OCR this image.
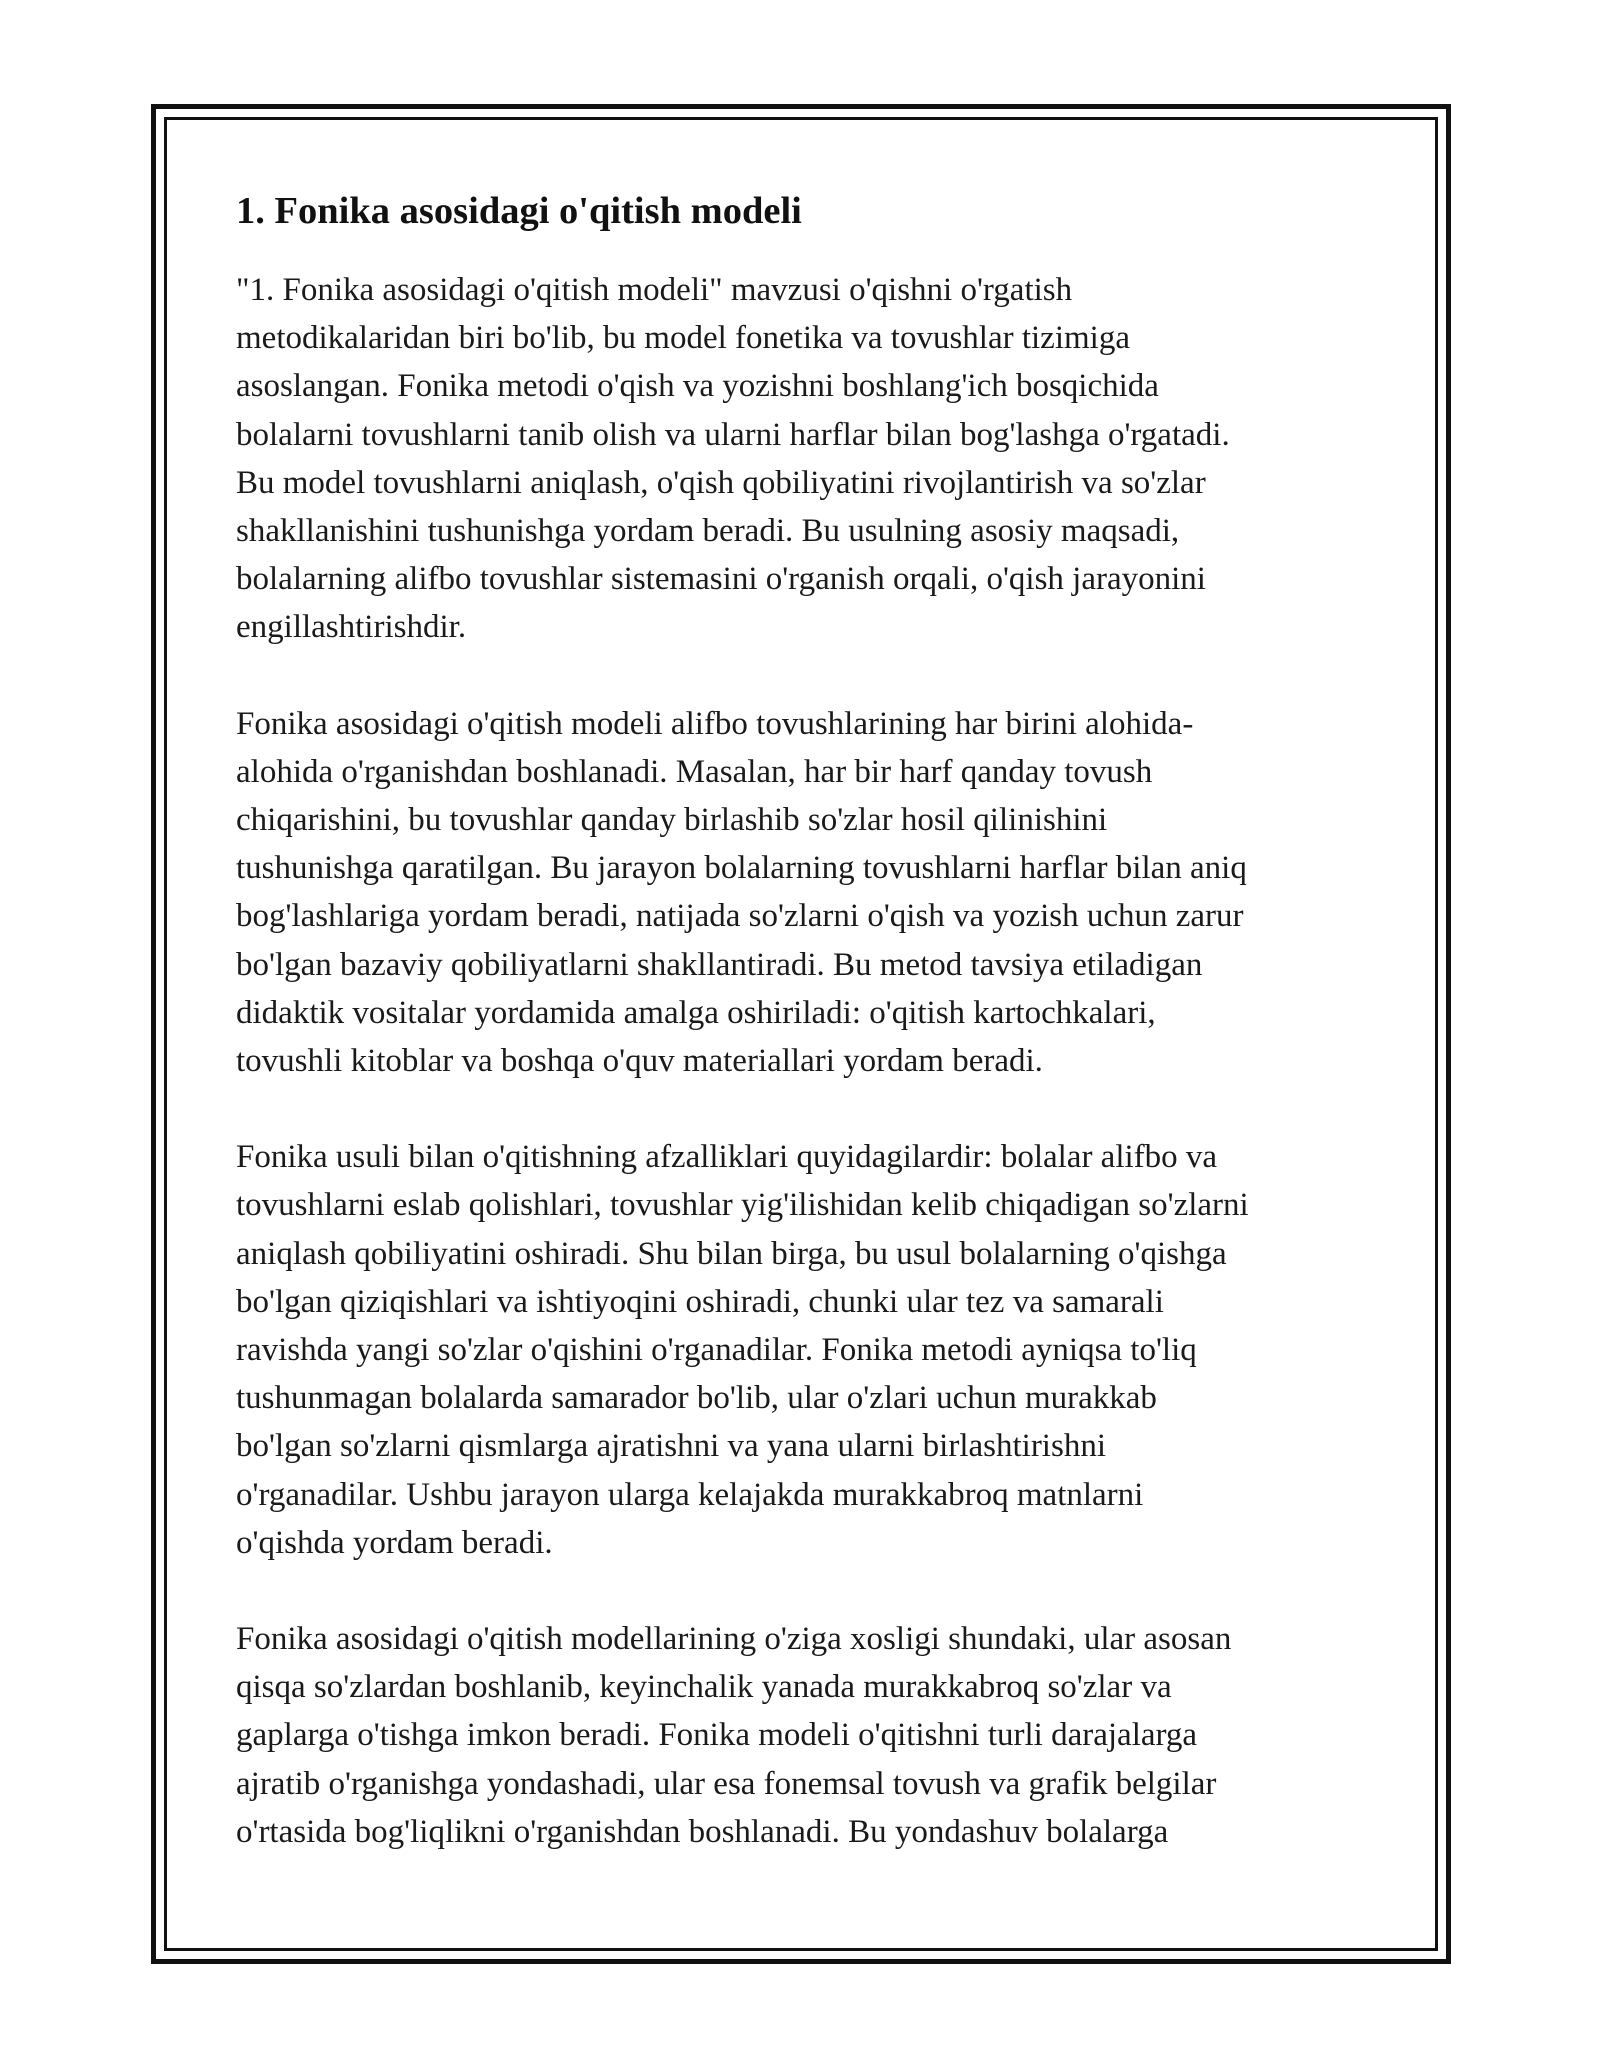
1. Fonika asosidagi o'qitish modeli

"1. Fonika asosidagi o'qitish modeli" mavzusi o'qishni o'rgatish
metodikalaridan biri bo'lib, bu model fonetika va tovushlar tizimiga
asoslangan. Fonika metodi o'qish va yozishni boshlang'ich bosqichida
bolalarni tovushlarni tanib olish va ularni harflar bilan bog'lashga o'rgatadi.
Bu model tovushlarni aniqlash, o'qish qobiliyatini rivojlantirish va so'zlar
shakllanishini tushunishga yordam beradi. Bu usulning asosiy maqsadi,
bolalarning alifbo tovushlar sistemasini o'rganish orqali, o'qish jarayonini
engillashtirishdir.

Fonika asosidagi o'qitish modeli alifbo tovushlarining har birini alohida-
alohida o'rganishdan boshlanadi. Masalan, har bir harf qanday tovush
chiqarishini, bu tovushlar qanday birlashib so'zlar hosil qilinishini
tushunishga qaratilgan. Bu jarayon bolalarning tovushlarni harflar bilan aniq
bog'lashlariga yordam beradi, natijada so'zlarni o'qish va yozish uchun zarur
bo'lgan bazaviy qobiliyatlarni shakllantiradi. Bu metod tavsiya etiladigan
didaktik vositalar yordamida amalga oshiriladi: o'qitish kartochkalari,
tovushli kitoblar va boshqa o'quv materiallari yordam beradi.

Fonika usuli bilan o'qitishning afzalliklari quyidagilardir: bolalar alifbo va
tovushlarni eslab qolishlari, tovushlar yig'ilishidan kelib chiqadigan so'zlarni
aniqlash qobiliyatini oshiradi. Shu bilan birga, bu usul bolalarning o'qishga
bo'lgan qiziqishlari va ishtiyoqini oshiradi, chunki ular tez va samarali
ravishda yangi so'zlar o'qishini o'rganadilar. Fonika metodi ayniqsa to'liq
tushunmagan bolalarda samarador bo'lib, ular o'zlari uchun murakkab
bo'lgan so'zlarni qismlarga ajratishni va yana ularni birlashtirishni
o'rganadilar. Ushbu jarayon ularga kelajakda murakkabroq matnlarni
o'qishda yordam beradi.

Fonika asosidagi o'qitish modellarining o'ziga xosligi shundaki, ular asosan
qisqa so'zlardan boshlanib, keyinchalik yanada murakkabroq so'zlar va
gaplarga o'tishga imkon beradi. Fonika modeli o'qitishni turli darajalarga
ajratib o'rganishga yondashadi, ular esa fonemsal tovush va grafik belgilar
o'rtasida bog'liqlikni o'rganishdan boshlanadi. Bu yondashuv bolalarga
